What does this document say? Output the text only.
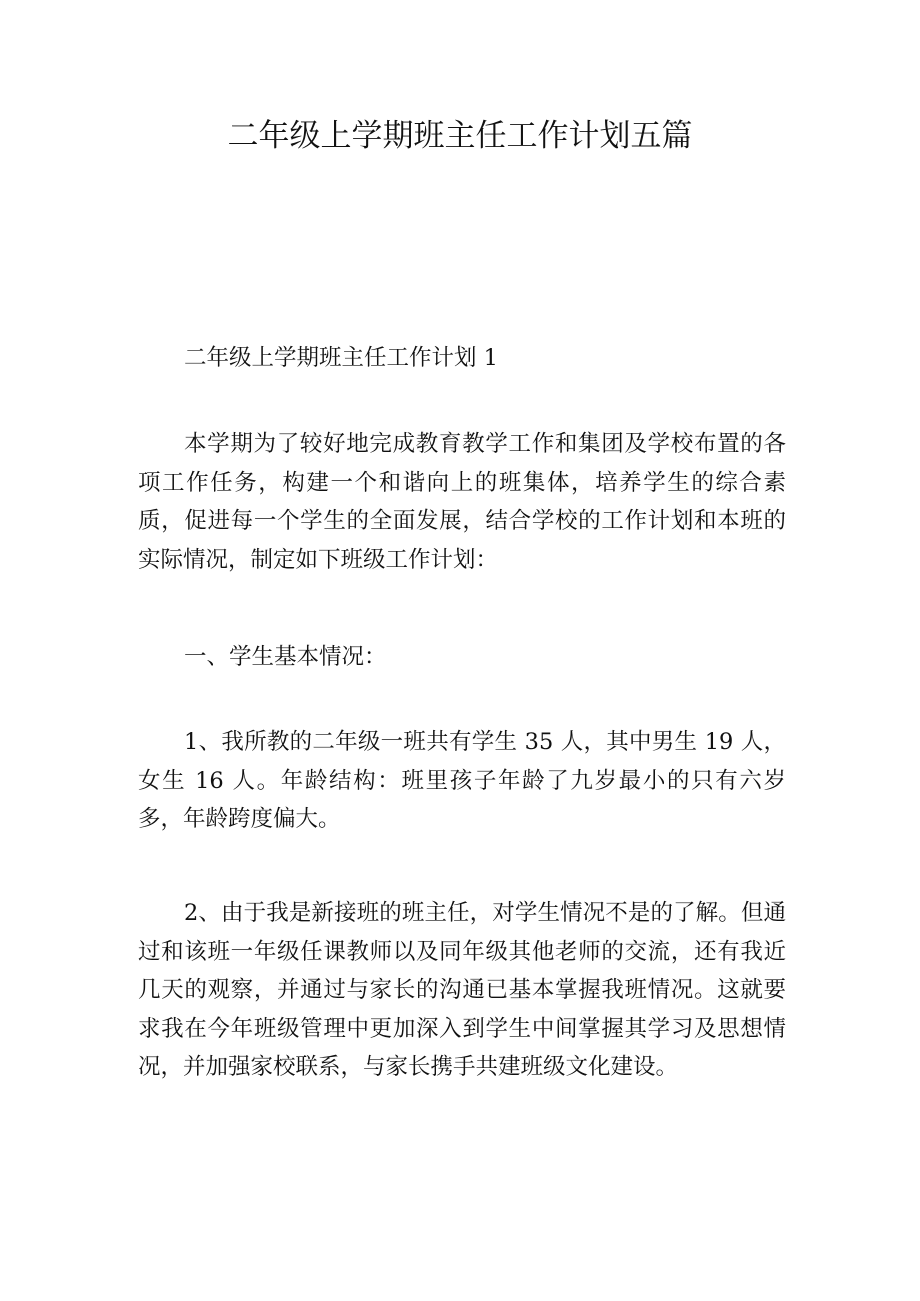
二年级上学期班主任工作计划五篇

二年级上学期班主任工作计划 1

本学期为了较好地完成教育教学工作和集团及学校布置的各项工作任务，构建一个和谐向上的班集体，培养学生的综合素质，促进每一个学生的全面发展，结合学校的工作计划和本班的实际情况，制定如下班级工作计划：

一、学生基本情况：

1、我所教的二年级一班共有学生 35 人，其中男生 19 人，女生 16 人。年龄结构：班里孩子年龄了九岁最小的只有六岁多，年龄跨度偏大。

2、由于我是新接班的班主任，对学生情况不是的了解。但通过和该班一年级任课教师以及同年级其他老师的交流，还有我近几天的观察，并通过与家长的沟通已基本掌握我班情况。这就要求我在今年班级管理中更加深入到学生中间掌握其学习及思想情况，并加强家校联系，与家长携手共建班级文化建设。
